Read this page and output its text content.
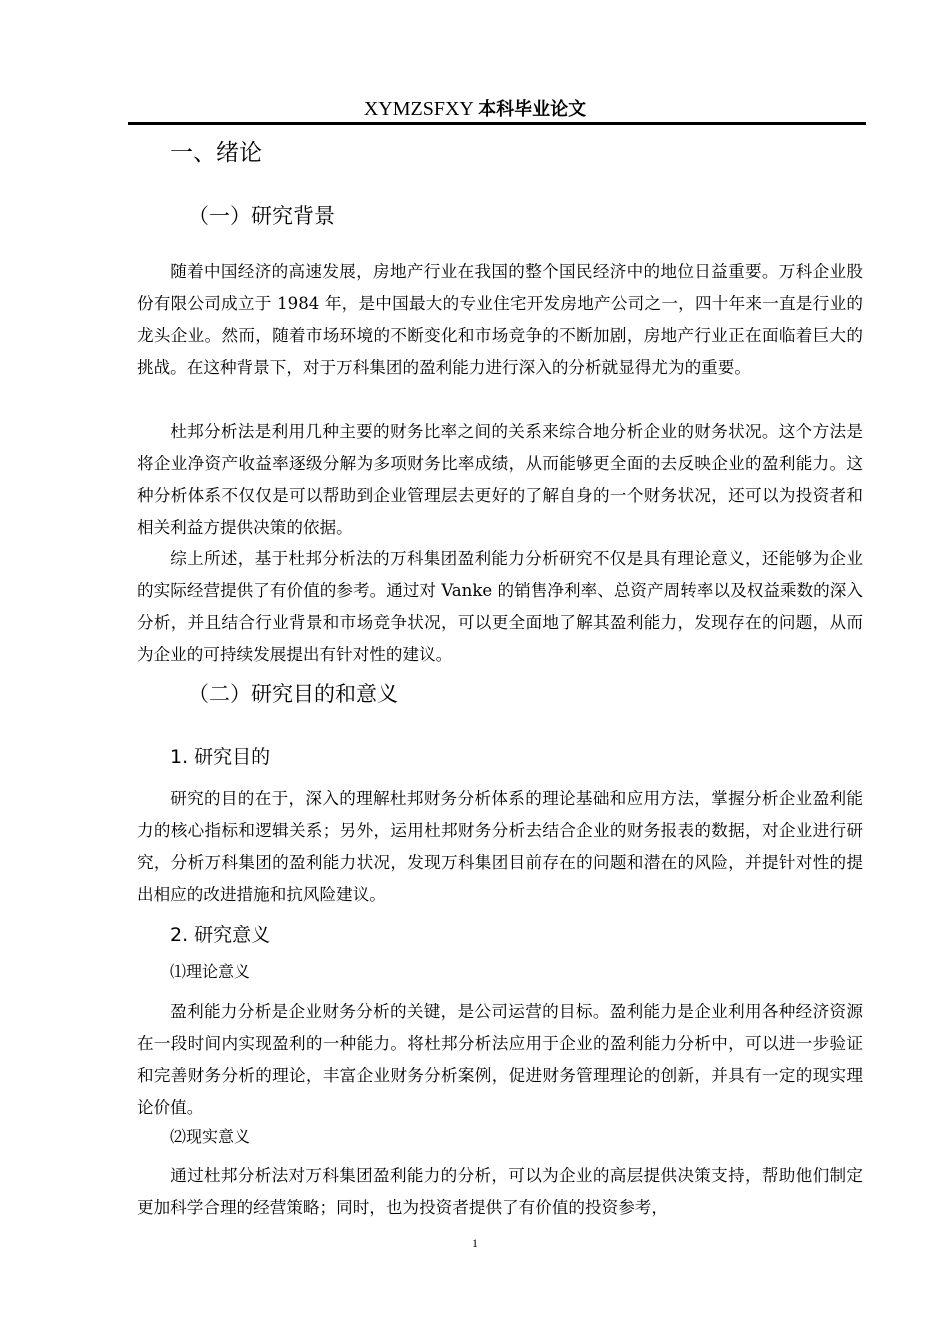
XYMZSFXY 本科毕业论文
一、绪论
（一）研究背景
随着中国经济的高速发展，房地产行业在我国的整个国民经济中的地位日益重要。万科企业股份有限公司成立于 1984 年，是中国最大的专业住宅开发房地产公司之一，四十年来一直是行业的龙头企业。然而，随着市场环境的不断变化和市场竞争的不断加剧，房地产行业正在面临着巨大的挑战。在这种背景下，对于万科集团的盈利能力进行深入的分析就显得尤为的重要。
杜邦分析法是利用几种主要的财务比率之间的关系来综合地分析企业的财务状况。这个方法是将企业净资产收益率逐级分解为多项财务比率成绩，从而能够更全面的去反映企业的盈利能力。这种分析体系不仅仅是可以帮助到企业管理层去更好的了解自身的一个财务状况，还可以为投资者和相关利益方提供决策的依据。
综上所述，基于杜邦分析法的万科集团盈利能力分析研究不仅是具有理论意义，还能够为企业的实际经营提供了有价值的参考。通过对 Vanke 的销售净利率、总资产周转率以及权益乘数的深入分析，并且结合行业背景和市场竞争状况，可以更全面地了解其盈利能力，发现存在的问题，从而为企业的可持续发展提出有针对性的建议。
（二）研究目的和意义
1. 研究目的
研究的目的在于，深入的理解杜邦财务分析体系的理论基础和应用方法，掌握分析企业盈利能力的核心指标和逻辑关系；另外，运用杜邦财务分析去结合企业的财务报表的数据，对企业进行研究，分析万科集团的盈利能力状况，发现万科集团目前存在的问题和潜在的风险，并提针对性的提出相应的改进措施和抗风险建议。
2. 研究意义
⑴理论意义
盈利能力分析是企业财务分析的关键，是公司运营的目标。盈利能力是企业利用各种经济资源在一段时间内实现盈利的一种能力。将杜邦分析法应用于企业的盈利能力分析中，可以进一步验证和完善财务分析的理论，丰富企业财务分析案例，促进财务管理理论的创新，并具有一定的现实理论价值。
⑵现实意义
通过杜邦分析法对万科集团盈利能力的分析，可以为企业的高层提供决策支持，帮助他们制定更加科学合理的经营策略；同时，也为投资者提供了有价值的投资参考，
1
